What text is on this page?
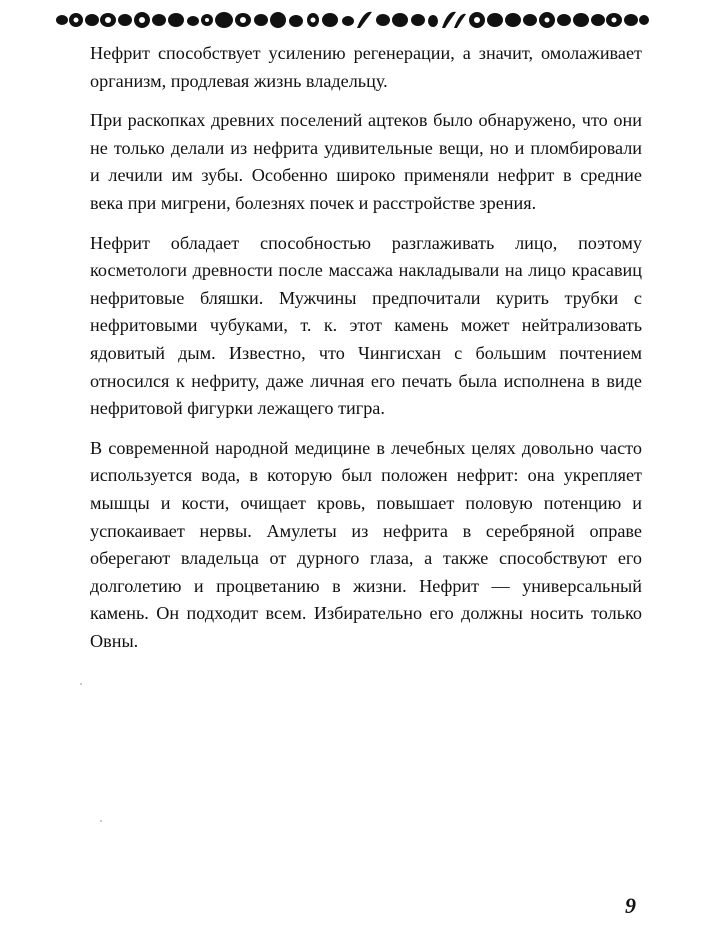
Нефрит способствует усилению регенерации, а значит, омолаживает организм, продлевая жизнь владельцу.

При раскопках древних поселений ацтеков было обнаружено, что они не только делали из нефрита удивительные вещи, но и пломбировали и лечили им зубы. Особенно широко применяли нефрит в средние века при мигрени, болезнях почек и расстройстве зрения.

Нефрит обладает способностью разглаживать лицо, поэтому косметологи древности после массажа накладывали на лицо красавиц нефритовые бляшки. Мужчины предпочитали курить трубки с нефритовыми чубуками, т. к. этот камень может нейтрализовать ядовитый дым. Известно, что Чингисхан с большим почтением относился к нефриту, даже личная его печать была исполнена в виде нефритовой фигурки лежащего тигра.

В современной народной медицине в лечебных целях довольно часто используется вода, в которую был положен нефрит: она укрепляет мышцы и кости, очищает кровь, повышает половую потенцию и успокаивает нервы. Амулеты из нефрита в серебряной оправе оберегают владельца от дурного глаза, а также способствуют его долголетию и процветанию в жизни. Нефрит — универсальный камень. Он подходит всем. Избирательно его должны носить только Овны.

9
